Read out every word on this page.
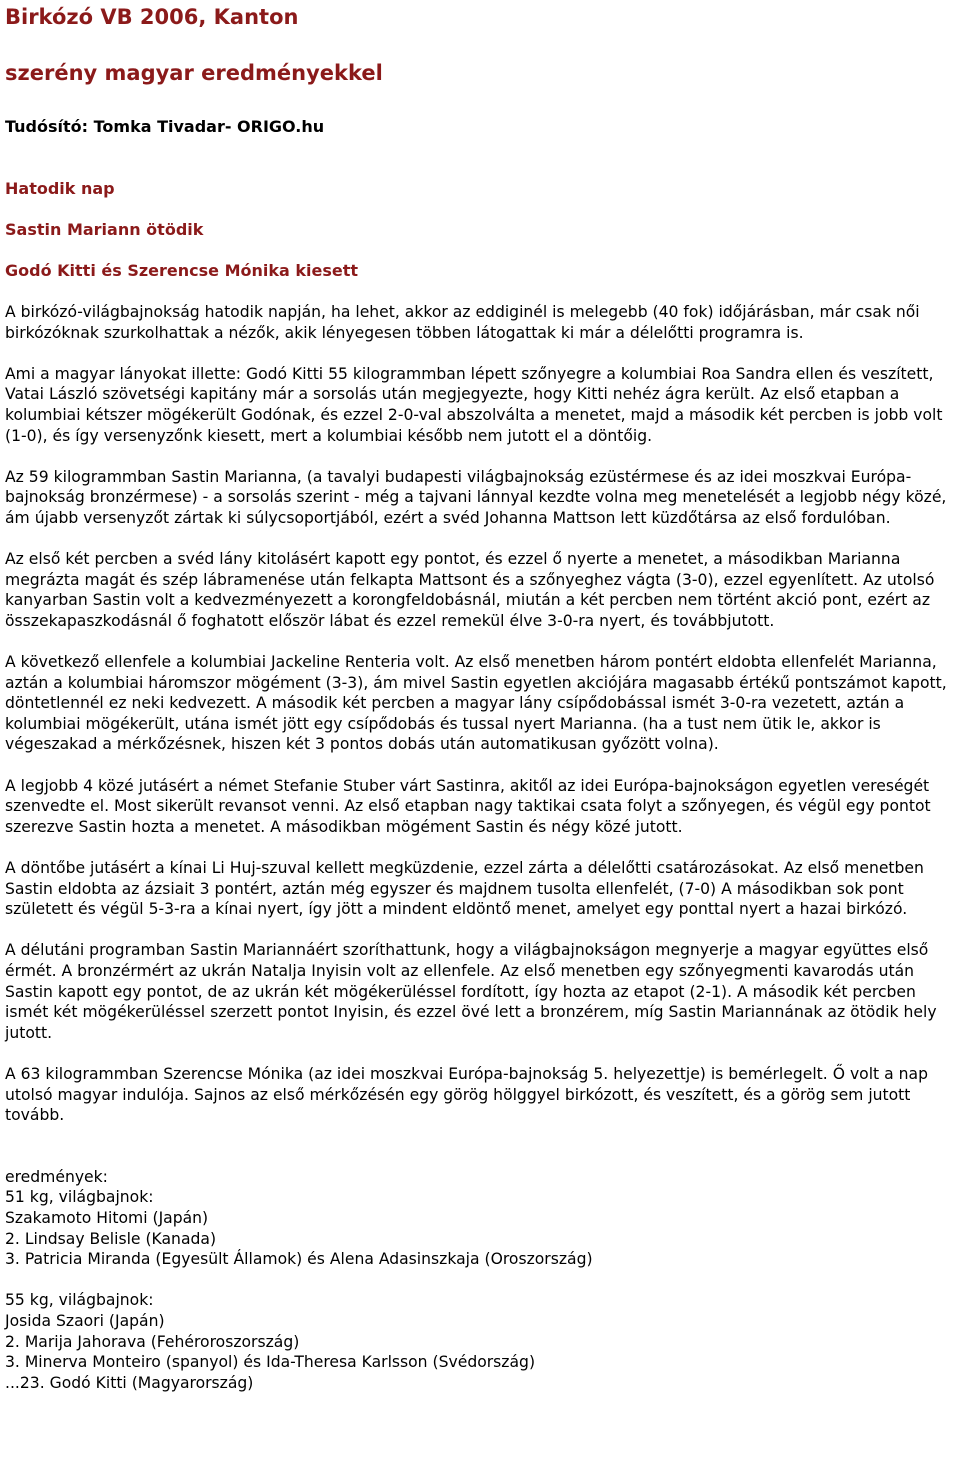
Birkózó VB 2006, Kanton
szerény magyar eredményekkel

Tudósító: Tomka Tivadar- ORIGO.hu

Hatodik nap

Sastin Mariann ötödik

Godó Kitti és Szerencse Mónika kiesett

A birkózó-világbajnokság hatodik napján, ha lehet, akkor az eddiginél is melegebb (40 fok) időjárásban, már csak női birkózóknak szurkolhattak a nézők, akik lényegesen többen látogattak ki már a délelőtti programra is.

Ami a magyar lányokat illette: Godó Kitti 55 kilogrammban lépett szőnyegre a kolumbiai Roa Sandra ellen és veszített, Vatai László szövetségi kapitány már a sorsolás után megjegyezte, hogy Kitti nehéz ágra került. Az első etapban a kolumbiai kétszer mögékerült Godónak, és ezzel 2-0-val abszolválta a menetet, majd a második két percben is jobb volt (1-0), és így versenyzőnk kiesett, mert a kolumbiai később nem jutott el a döntőig.

Az 59 kilogrammban Sastin Marianna, (a tavalyi budapesti világbajnokság ezüstérmese és az idei moszkvai Európa-bajnokság bronzérmese) - a sorsolás szerint - még a tajvani lánnyal kezdte volna meg menetelését a legjobb négy közé, ám újabb versenyzőt zártak ki súlycsoportjából, ezért a svéd Johanna Mattson lett küzdőtársa az első fordulóban.

Az első két percben a svéd lány kitolásért kapott egy pontot, és ezzel ő nyerte a menetet, a másodikban Marianna megrázta magát és szép lábramenése után felkapta Mattsont és a szőnyeghez vágta (3-0), ezzel egyenlített. Az utolsó kanyarban Sastin volt a kedvezményezett a korongfeldobásnál, miután a két percben nem történt akció pont, ezért az összekapaszkodásnál ő foghatott először lábat és ezzel remekül élve 3-0-ra nyert, és továbbjutott.

A következő ellenfele a kolumbiai Jackeline Renteria volt. Az első menetben három pontért eldobta ellenfelét Marianna, aztán a kolumbiai háromszor mögément (3-3), ám mivel Sastin egyetlen akciójára magasabb értékű pontszámot kapott, döntetlennél ez neki kedvezett. A második két percben a magyar lány csípődobással ismét 3-0-ra vezetett, aztán a kolumbiai mögékerült, utána ismét jött egy csípődobás és tussal nyert Marianna. (ha a tust nem ütik le, akkor is végeszakad a mérkőzésnek, hiszen két 3 pontos dobás után automatikusan győzött volna).

A legjobb 4 közé jutásért a német Stefanie Stuber várt Sastinra, akitől az idei Európa-bajnokságon egyetlen vereségét szenvedte el. Most sikerült revansot venni. Az első etapban nagy taktikai csata folyt a szőnyegen, és végül egy pontot szerezve Sastin hozta a menetet. A másodikban mögément Sastin és négy közé jutott.

A döntőbe jutásért a kínai Li Huj-szuval kellett megküzdenie, ezzel zárta a délelőtti csatározásokat. Az első menetben Sastin eldobta az ázsiait 3 pontért, aztán még egyszer és majdnem tusolta ellenfelét, (7-0) A másodikban sok pont született és végül 5-3-ra a kínai nyert, így jött a mindent eldöntő menet, amelyet egy ponttal nyert a hazai birkózó.

A délutáni programban Sastin Mariannáért szoríthattunk, hogy a világbajnokságon megnyerje a magyar együttes első érmét. A bronzérmért az ukrán Natalja Inyisin volt az ellenfele. Az első menetben egy szőnyegmenti kavarodás után Sastin kapott egy pontot, de az ukrán két mögékerüléssel fordított, így hozta az etapot (2-1). A második két percben ismét két mögékerüléssel szerzett pontot Inyisin, és ezzel övé lett a bronzérem, míg Sastin Mariannának az ötödik hely jutott.

A 63 kilogrammban Szerencse Mónika (az idei moszkvai Európa-bajnokság 5. helyezettje) is bemérlegelt. Ő volt a nap utolsó magyar indulója. Sajnos az első mérkőzésén egy görög hölggyel birkózott, és veszített, és a görög sem jutott tovább.

eredmények:
51 kg, világbajnok:
Szakamoto Hitomi (Japán)
2. Lindsay Belisle (Kanada)
3. Patricia Miranda (Egyesült Államok) és Alena Adasinszkaja (Oroszország)
55 kg, világbajnok:
Josida Szaori (Japán)
2. Marija Jahorava (Fehéroroszország)
3. Minerva Monteiro (spanyol) és Ida-Theresa Karlsson (Svédország)
...23. Godó Kitti (Magyarország)
